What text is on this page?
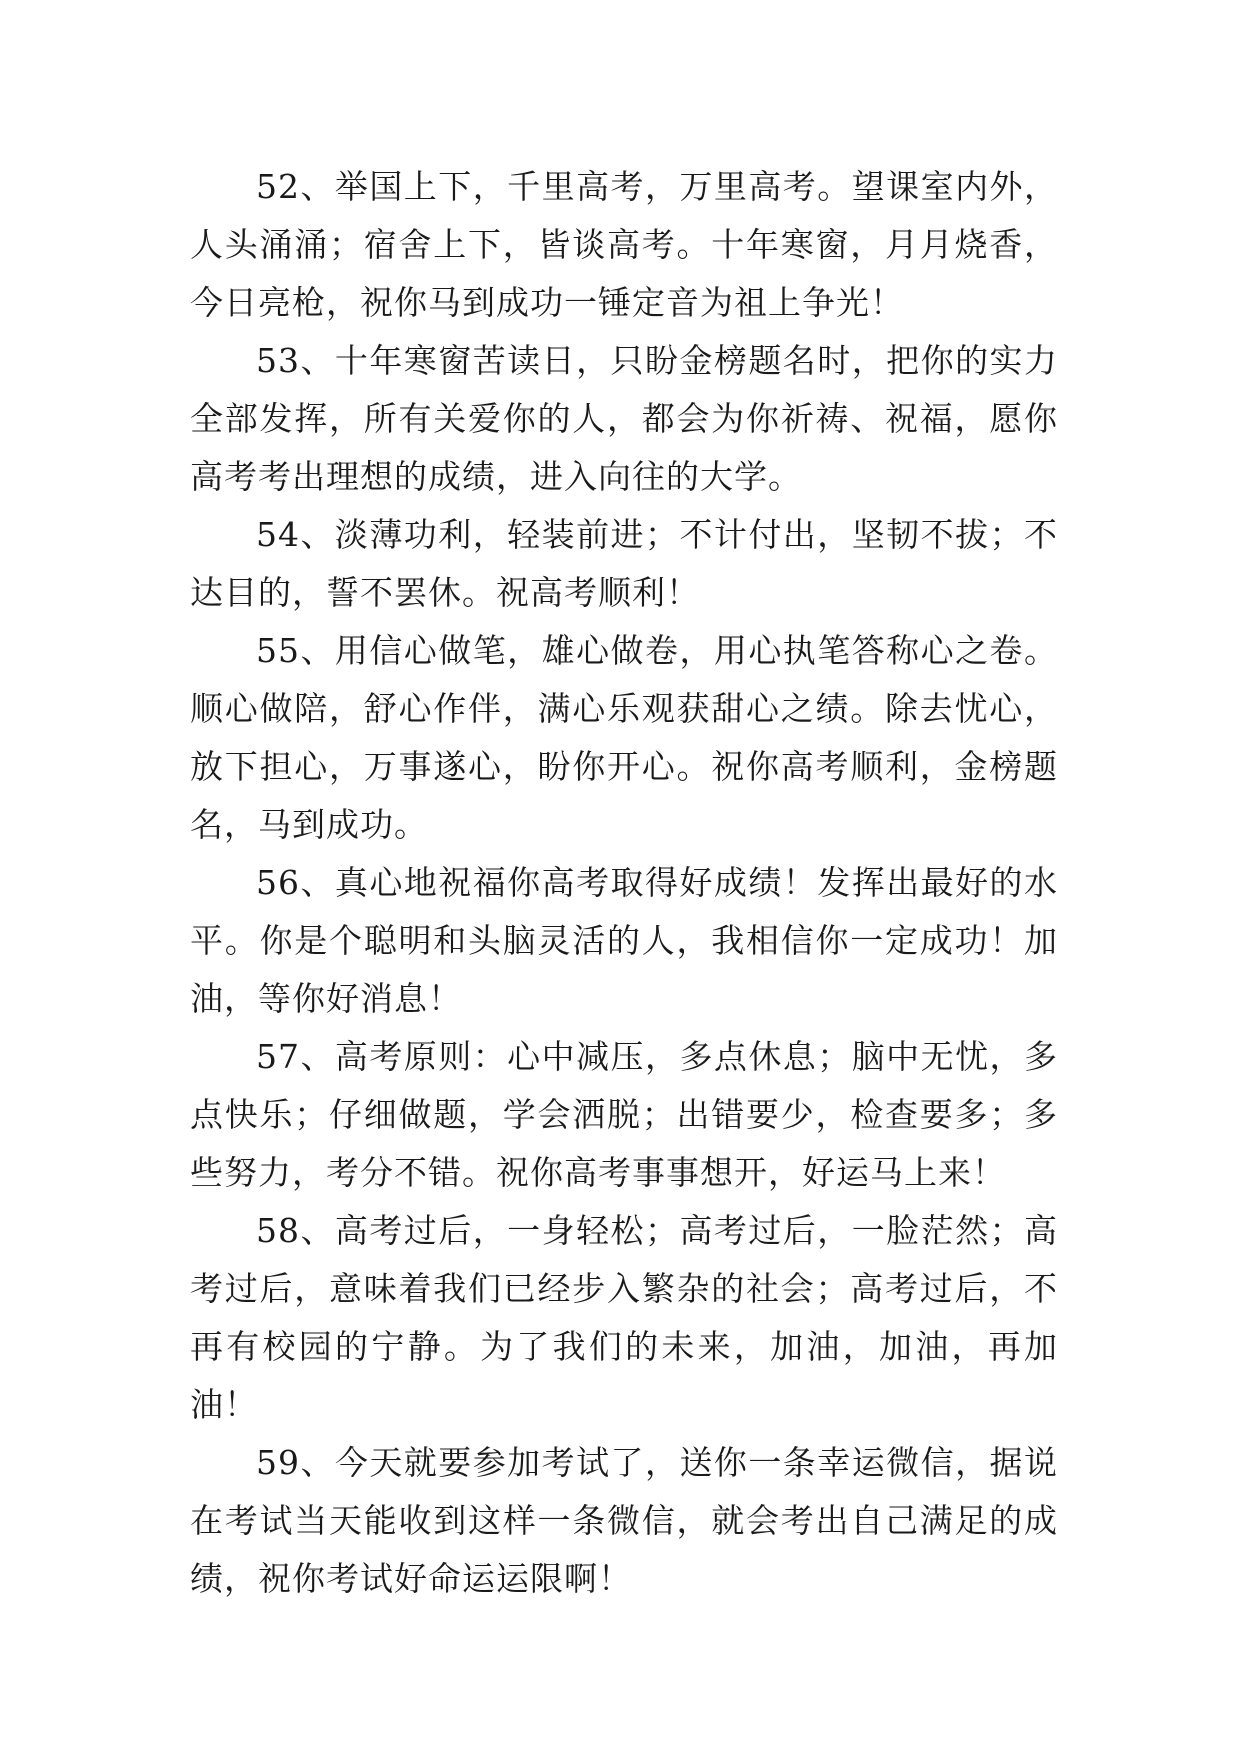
52、举国上下，千里高考，万里高考。望课室内外，人头涌涌；宿舍上下，皆谈高考。十年寒窗，月月烧香，今日亮枪，祝你马到成功一锤定音为祖上争光！

53、十年寒窗苦读日，只盼金榜题名时，把你的实力全部发挥，所有关爱你的人，都会为你祈祷、祝福，愿你高考考出理想的成绩，进入向往的大学。

54、淡薄功利，轻装前进；不计付出，坚韧不拔；不达目的，誓不罢休。祝高考顺利！

55、用信心做笔，雄心做卷，用心执笔答称心之卷。顺心做陪，舒心作伴，满心乐观获甜心之绩。除去忧心，放下担心，万事遂心，盼你开心。祝你高考顺利，金榜题名，马到成功。

56、真心地祝福你高考取得好成绩！发挥出最好的水平。你是个聪明和头脑灵活的人，我相信你一定成功！加油，等你好消息！

57、高考原则：心中减压，多点休息；脑中无忧，多点快乐；仔细做题，学会洒脱；出错要少，检查要多；多些努力，考分不错。祝你高考事事想开，好运马上来！

58、高考过后，一身轻松；高考过后，一脸茫然；高考过后，意味着我们已经步入繁杂的社会；高考过后，不再有校园的宁静。为了我们的未来，加油，加油，再加油！

59、今天就要参加考试了，送你一条幸运微信，据说在考试当天能收到这样一条微信，就会考出自己满足的成绩，祝你考试好命运运限啊！
